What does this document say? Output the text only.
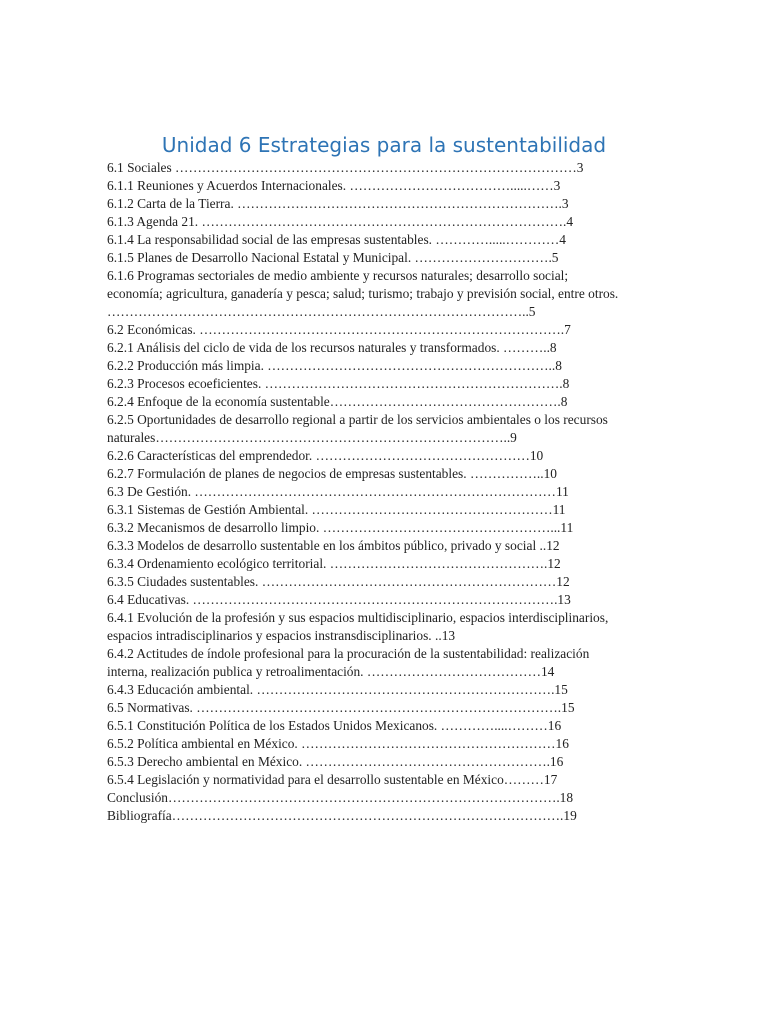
Unidad 6 Estrategias para la sustentabilidad
6.1 Sociales ………………………………………………………………………………3
6.1.1 Reuniones y Acuerdos Internacionales. ……………………………….....……3
6.1.2 Carta de la Tierra. ……………………………………………………………….3
6.1.3 Agenda 21. ……………………………………………………………………….4
6.1.4 La responsabilidad social de las empresas sustentables. ………….....…………4
6.1.5 Planes de Desarrollo Nacional Estatal y Municipal. ………………………….5
6.1.6 Programas sectoriales de medio ambiente y recursos naturales; desarrollo social; economía; agricultura, ganadería y pesca; salud; turismo; trabajo y previsión social, entre otros. …………………………………………………………………………………..5
6.2 Económicas. ……………………………………………………………………….7
6.2.1 Análisis del ciclo de vida de los recursos naturales y transformados. ………..8
6.2.2 Producción más limpia. ………………………………………………………..8
6.2.3 Procesos ecoeficientes. ………………………………………………………….8
6.2.4 Enfoque de la economía sustentable…………………………………………….8
6.2.5 Oportunidades de desarrollo regional a partir de los servicios ambientales o los recursos naturales……………………………………………………………………..9
6.2.6 Características del emprendedor. …………………………………………10
6.2.7 Formulación de planes de negocios de empresas sustentables. ……………..10
6.3 De Gestión. ………………………………………………………………………11
6.3.1 Sistemas de Gestión Ambiental. ………………………………………………11
6.3.2 Mecanismos de desarrollo limpio. ……………………………………………...11
6.3.3 Modelos de desarrollo sustentable en los ámbitos público, privado y social ..12
6.3.4 Ordenamiento ecológico territorial. ………………………………………….12
6.3.5 Ciudades sustentables. …………………………………………………………12
6.4 Educativas. ……………………………………………………………………….13
6.4.1 Evolución de la profesión y sus espacios multidisciplinario, espacios interdisciplinarios, espacios intradisciplinarios y espacios instransdisciplinarios. ..13
6.4.2 Actitudes de índole profesional para la procuración de la sustentabilidad: realización interna, realización publica y retroalimentación. …………………………………14
6.4.3 Educación ambiental. ………………………………………………………….15
6.5 Normativas. ……………………………………………………………………….15
6.5.1 Constitución Política de los Estados Unidos Mexicanos. …………....………16
6.5.2 Política ambiental en México. …………………………………………………16
6.5.3 Derecho ambiental en México. ……………………………………………….16
6.5.4 Legislación y normatividad para el desarrollo sustentable en México………17
Conclusión…………………………………………………………………………….18
Bibliografía…………………………………………………………………………….19
